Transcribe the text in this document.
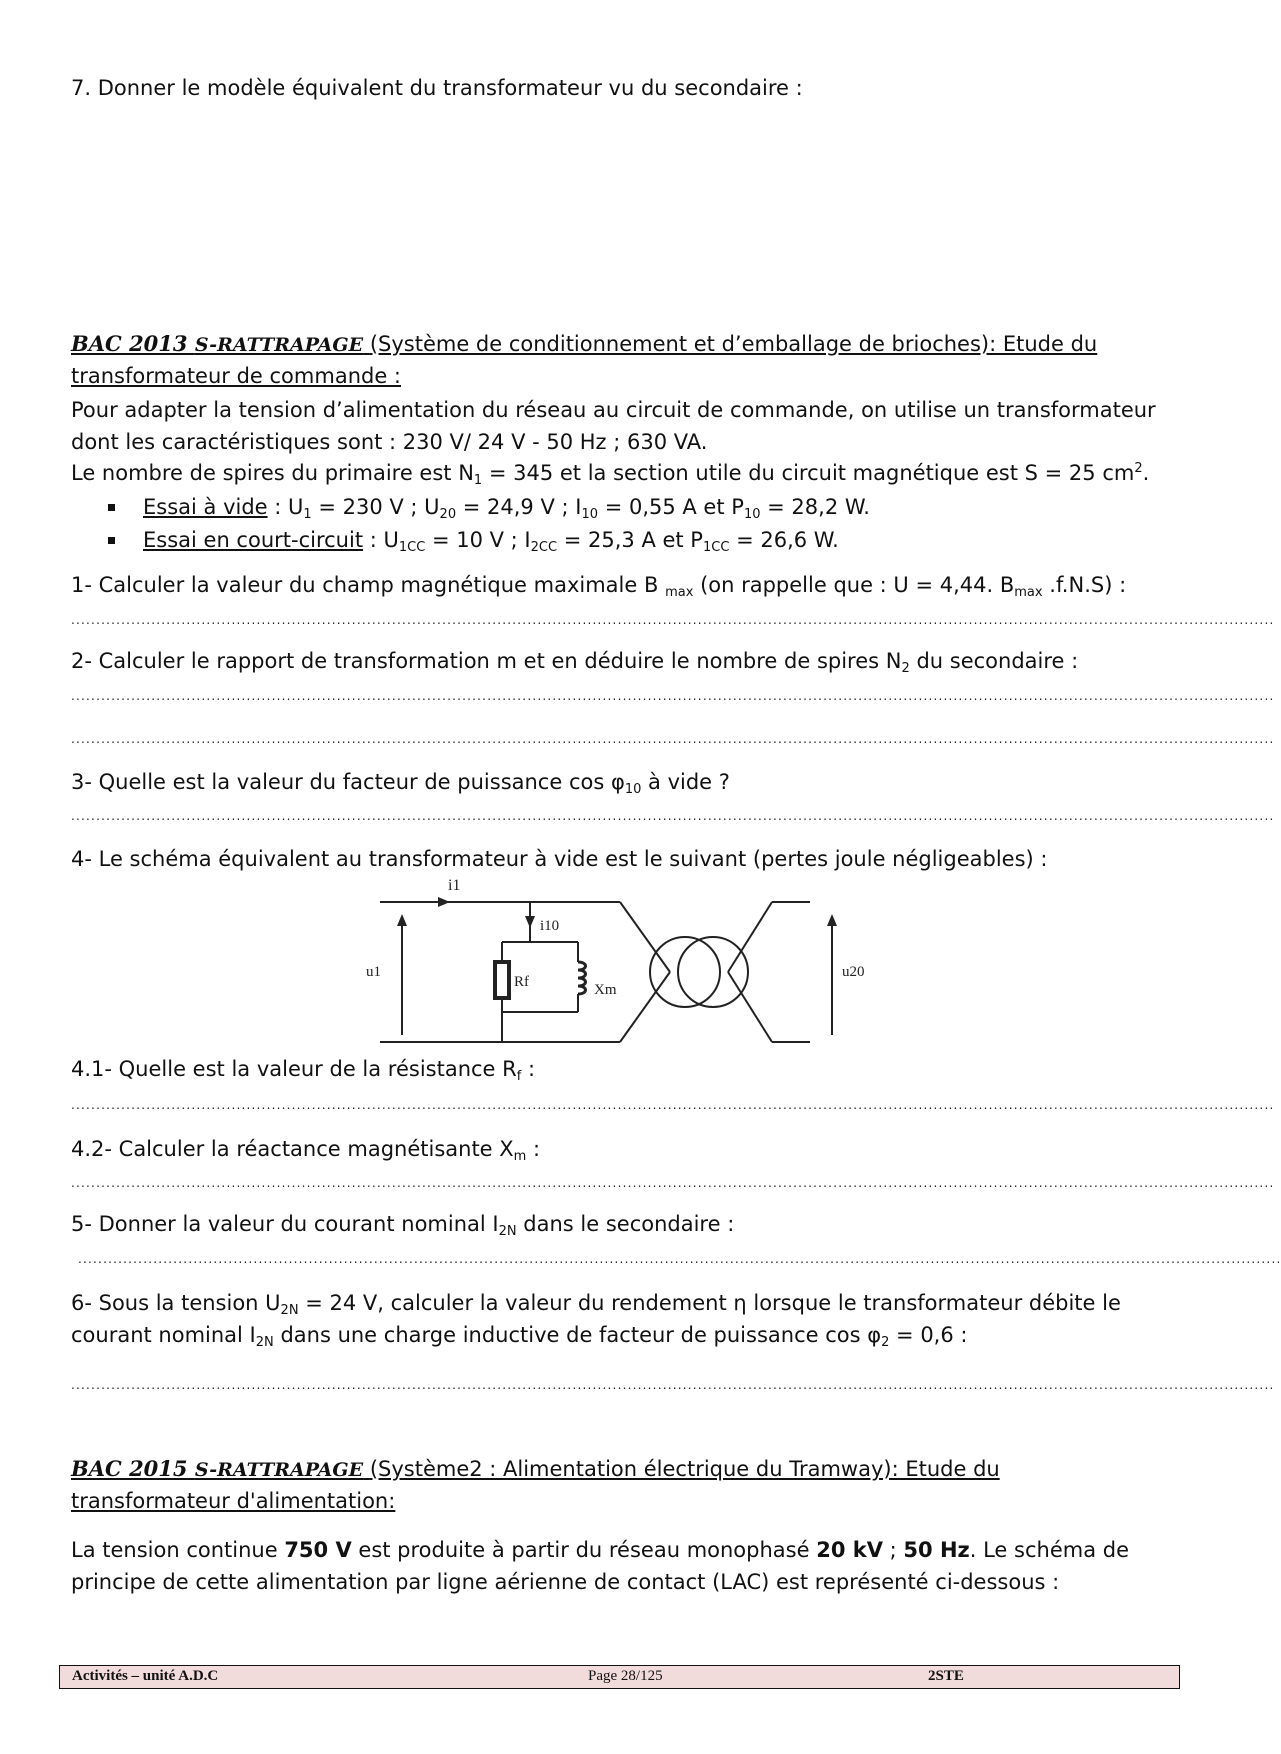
7. Donner le modèle équivalent du transformateur vu du secondaire :
BAC 2013 S-RATTRAPAGE (Système de conditionnement et d’emballage de brioches): Etude du
transformateur de commande :
Pour adapter la tension d’alimentation du réseau au circuit de commande, on utilise un transformateur
dont les caractéristiques sont : 230 V/ 24 V - 50 Hz ; 630 VA.
Le nombre de spires du primaire est $N_1 = 345$ et la section utile du circuit magnétique est S = 25 $cm^2$.
Essai à vide : $U_1 = 230$ V ; $U_{20} = 24,9$ V ; $I_{10} = 0,55$ A et $P_{10} = 28,2$ W.
Essai en court-circuit : $U_{1CC} = 10$ V ; $I_{2CC} = 25,3$ A et $P_{1CC} = 26,6$ W.
1- Calculer la valeur du champ magnétique maximale B $_{max}$ (on rappelle que : U = 4,44. $B_{max}$ .f.N.S) :
................................................................................................................................................................................................................................................
2- Calculer le rapport de transformation m et en déduire le nombre de spires $N_2$ du secondaire :
................................................................................................................................................................................................................................................
................................................................................................................................................................................................................................................
3- Quelle est la valeur du facteur de puissance $\cos \varphi_{10}$ à vide ?
................................................................................................................................................................................................................................................
4- Le schéma équivalent au transformateur à vide est le suivant (pertes joule négligeables) :
i1
i10
u1
Rf	Xm
u20
4.1- Quelle est la valeur de la résistance $R_f$ :
................................................................................................................................................................................................................................................
4.2- Calculer la réactance magnétisante $X_m$ :
................................................................................................................................................................................................................................................
5- Donner la valeur du courant nominal $I_{2N}$ dans le secondaire :
................................................................................................................................................................................................................................................
6- Sous la tension $U_{2N} = 24$ V, calculer la valeur du rendement η lorsque le transformateur débite le
courant nominal $I_{2N}$ dans une charge inductive de facteur de puissance $\cos \varphi_2 = 0,6$ :
................................................................................................................................................................................................................................................
BAC 2015 S-RATTRAPAGE (Système2 : Alimentation électrique du Tramway): Etude du
transformateur d'alimentation:
La tension continue 750 V est produite à partir du réseau monophasé 20 kV ; 50 Hz. Le schéma de
principe de cette alimentation par ligne aérienne de contact (LAC) est représenté ci-dessous :
Activités – unité A.D.C	Page 28/125	2STE
